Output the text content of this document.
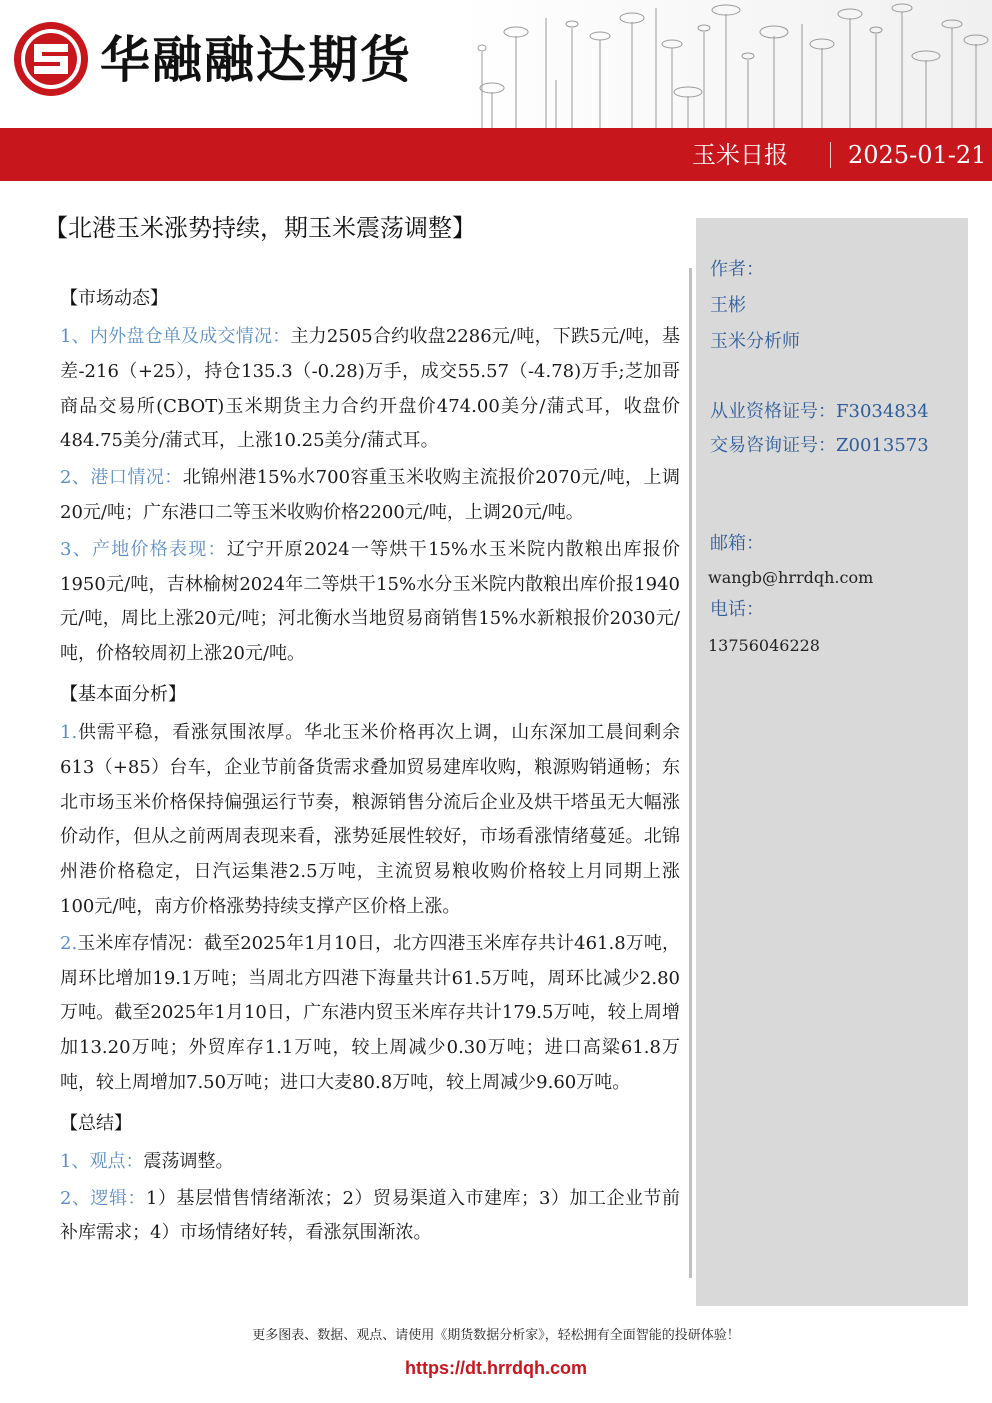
华融融达期货
玉米日报	2025-01-21
【北港玉米涨势持续，期玉米震荡调整】
作者：
王彬
玉米分析师
从业资格证号：F3034834
交易咨询证号：Z0013573
邮箱：
wangb@hrrdqh.com
电话：
13756046228
【市场动态】

1、内外盘仓单及成交情况：主力2505合约收盘2286元/吨，下跌5元/吨，基差-216（+25），持仓135.3（-0.28)万手，成交55.57（-4.78)万手;芝加哥商品交易所(CBOT)玉米期货主力合约开盘价474.00美分/蒲式耳，收盘价484.75美分/蒲式耳，上涨10.25美分/蒲式耳。

2、港口情况：北锦州港15%水700容重玉米收购主流报价2070元/吨，上调20元/吨；广东港口二等玉米收购价格2200元/吨，上调20元/吨。

3、产地价格表现：辽宁开原2024一等烘干15%水玉米院内散粮出库报价1950元/吨，吉林榆树2024年二等烘干15%水分玉米院内散粮出库价报1940元/吨，周比上涨20元/吨；河北衡水当地贸易商销售15%水新粮报价2030元/吨，价格较周初上涨20元/吨。

【基本面分析】

1.供需平稳，看涨氛围浓厚。华北玉米价格再次上调，山东深加工晨间剩余613（+85）台车，企业节前备货需求叠加贸易建库收购，粮源购销通畅；东北市场玉米价格保持偏强运行节奏，粮源销售分流后企业及烘干塔虽无大幅涨价动作，但从之前两周表现来看，涨势延展性较好，市场看涨情绪蔓延。北锦州港价格稳定，日汽运集港2.5万吨，主流贸易粮收购价格较上月同期上涨100元/吨，南方价格涨势持续支撑产区价格上涨。

2.玉米库存情况：截至2025年1月10日，北方四港玉米库存共计461.8万吨，周环比增加19.1万吨；当周北方四港下海量共计61.5万吨，周环比减少2.80万吨。截至2025年1月10日，广东港内贸玉米库存共计179.5万吨，较上周增加13.20万吨；外贸库存1.1万吨，较上周减少0.30万吨；进口高粱61.8万吨，较上周增加7.50万吨；进口大麦80.8万吨，较上周减少9.60万吨。

【总结】

1、观点：震荡调整。

2、逻辑：1）基层惜售情绪渐浓；2）贸易渠道入市建库；3）加工企业节前补库需求；4）市场情绪好转，看涨氛围渐浓。

更多图表、数据、观点、请使用《期货数据分析家》，轻松拥有全面智能的投研体验！
https://dt.hrrdqh.com
